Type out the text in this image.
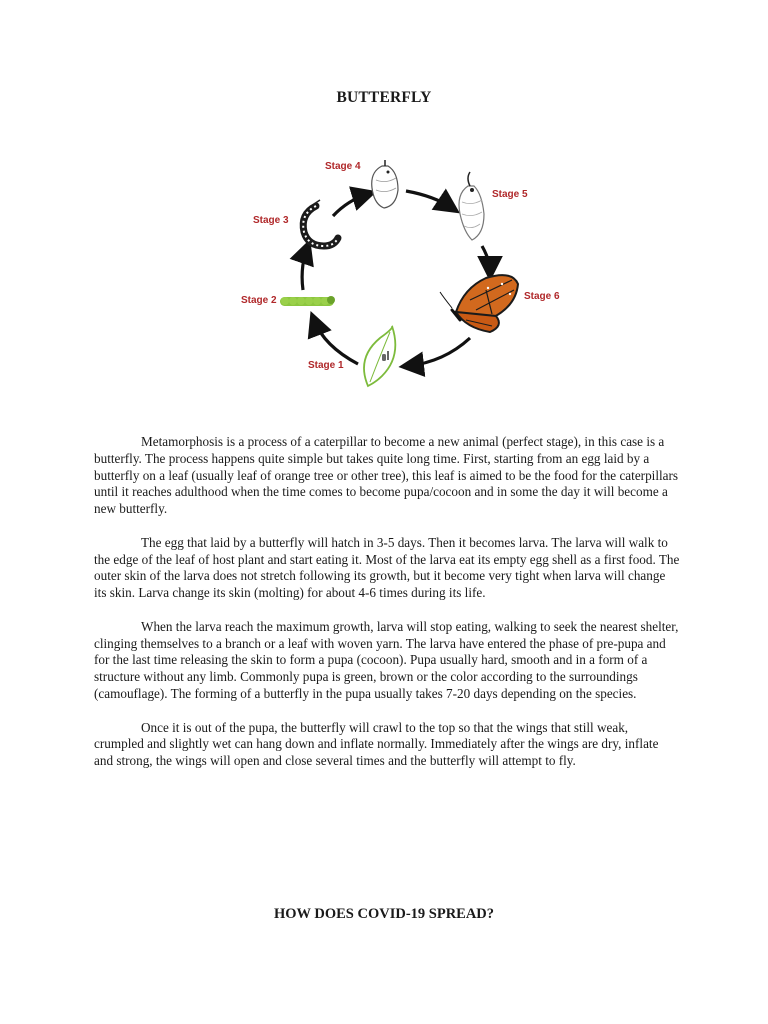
BUTTERFLY
Stage 1
Stage 2
Stage 3
Stage 4
Stage 5
Stage 6

Metamorphosis is a process of a caterpillar to become a new animal (perfect stage), in this case is a butterfly. The process happens quite simple but takes quite long time. First, starting from an egg laid by a butterfly on a leaf (usually leaf of orange tree or other tree), this leaf is aimed to be the food for the caterpillars until it reaches adulthood when the time comes to become pupa/cocoon and in some the day it will become a new butterfly.

The egg that laid by a butterfly will hatch in 3-5 days. Then it becomes larva. The larva will walk to the edge of the leaf of host plant and start eating it. Most of the larva eat its empty egg shell as a first food. The outer skin of the larva does not stretch following its growth, but it become very tight when larva will change its skin. Larva change its skin (molting) for about 4-6 times during its life.

When the larva reach the maximum growth, larva will stop eating, walking to seek the nearest shelter, clinging themselves to a branch or a leaf with woven yarn. The larva have entered the phase of pre-pupa and for the last time releasing the skin to form a pupa (cocoon). Pupa usually hard, smooth and in a form of a structure without any limb. Commonly pupa is green, brown or the color according to the surroundings (camouflage). The forming of a butterfly in the pupa usually takes 7-20 days depending on the species.

Once it is out of the pupa, the butterfly will crawl to the top so that the wings that still weak, crumpled and slightly wet can hang down and inflate normally. Immediately after the wings are dry, inflate and strong, the wings will open and close several times and the butterfly will attempt to fly.

HOW DOES COVID-19 SPREAD?
